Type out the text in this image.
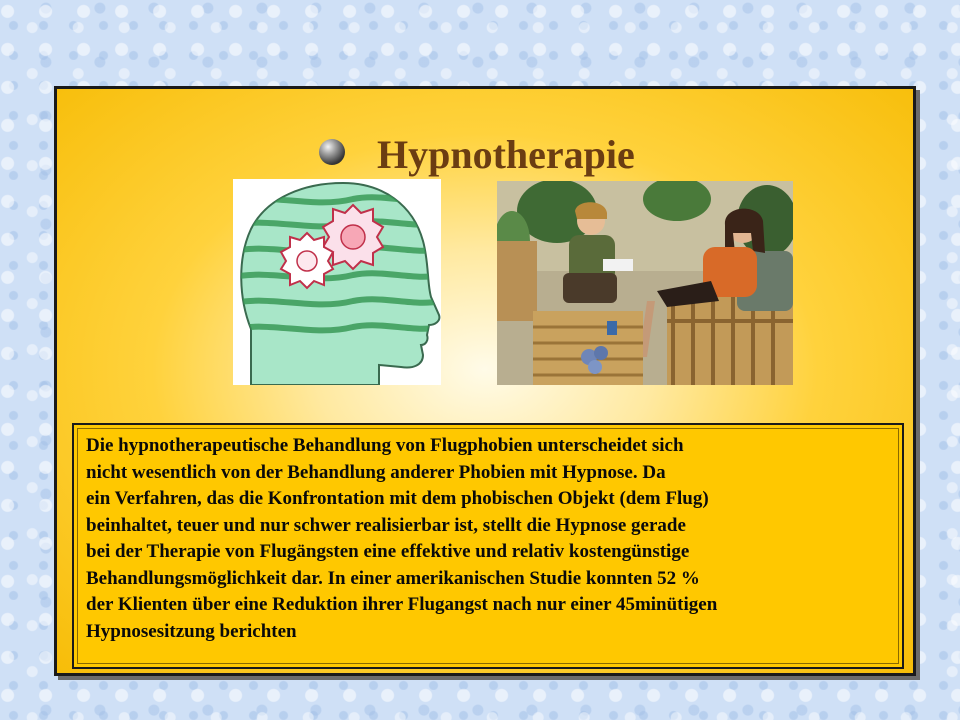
Hypnotherapie

Die hypnotherapeutische Behandlung von Flugphobien unterscheidet sich
nicht wesentlich von der Behandlung anderer Phobien mit Hypnose. Da
ein Verfahren, das die Konfrontation mit dem phobischen Objekt (dem Flug)
beinhaltet, teuer und nur schwer realisierbar ist, stellt die Hypnose gerade
bei der Therapie von Flugängsten eine effektive und relativ kostengünstige
Behandlungsmöglichkeit dar. In einer amerikanischen Studie konnten 52 %
der Klienten über eine Reduktion ihrer Flugangst nach nur einer 45minütigen
Hypnosesitzung berichten
